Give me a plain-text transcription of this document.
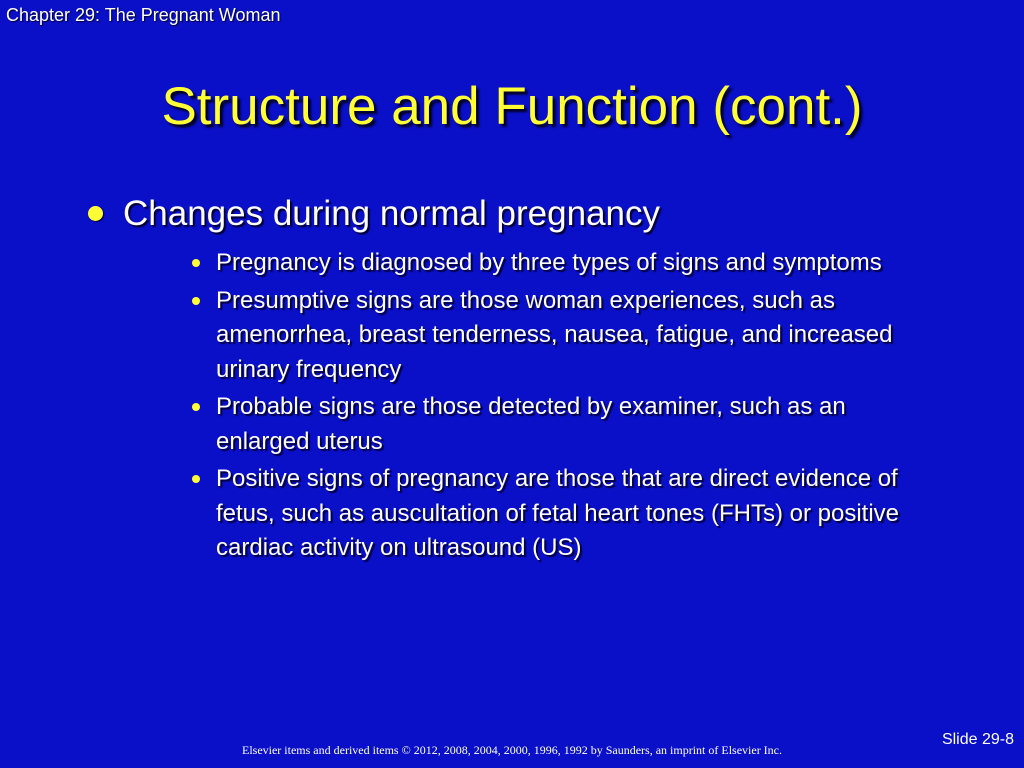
Chapter 29: The Pregnant Woman
Structure and Function (cont.)
Changes during normal pregnancy
Pregnancy is diagnosed by three types of signs and symptoms
Presumptive signs are those woman experiences, such as amenorrhea, breast tenderness, nausea, fatigue, and increased urinary frequency
Probable signs are those detected by examiner, such as an enlarged uterus
Positive signs of pregnancy are those that are direct evidence of fetus, such as auscultation of fetal heart tones (FHTs) or positive cardiac activity on ultrasound (US)
Elsevier items and derived items © 2012, 2008, 2004, 2000, 1996, 1992 by Saunders, an imprint of Elsevier Inc.
Slide 29-8
